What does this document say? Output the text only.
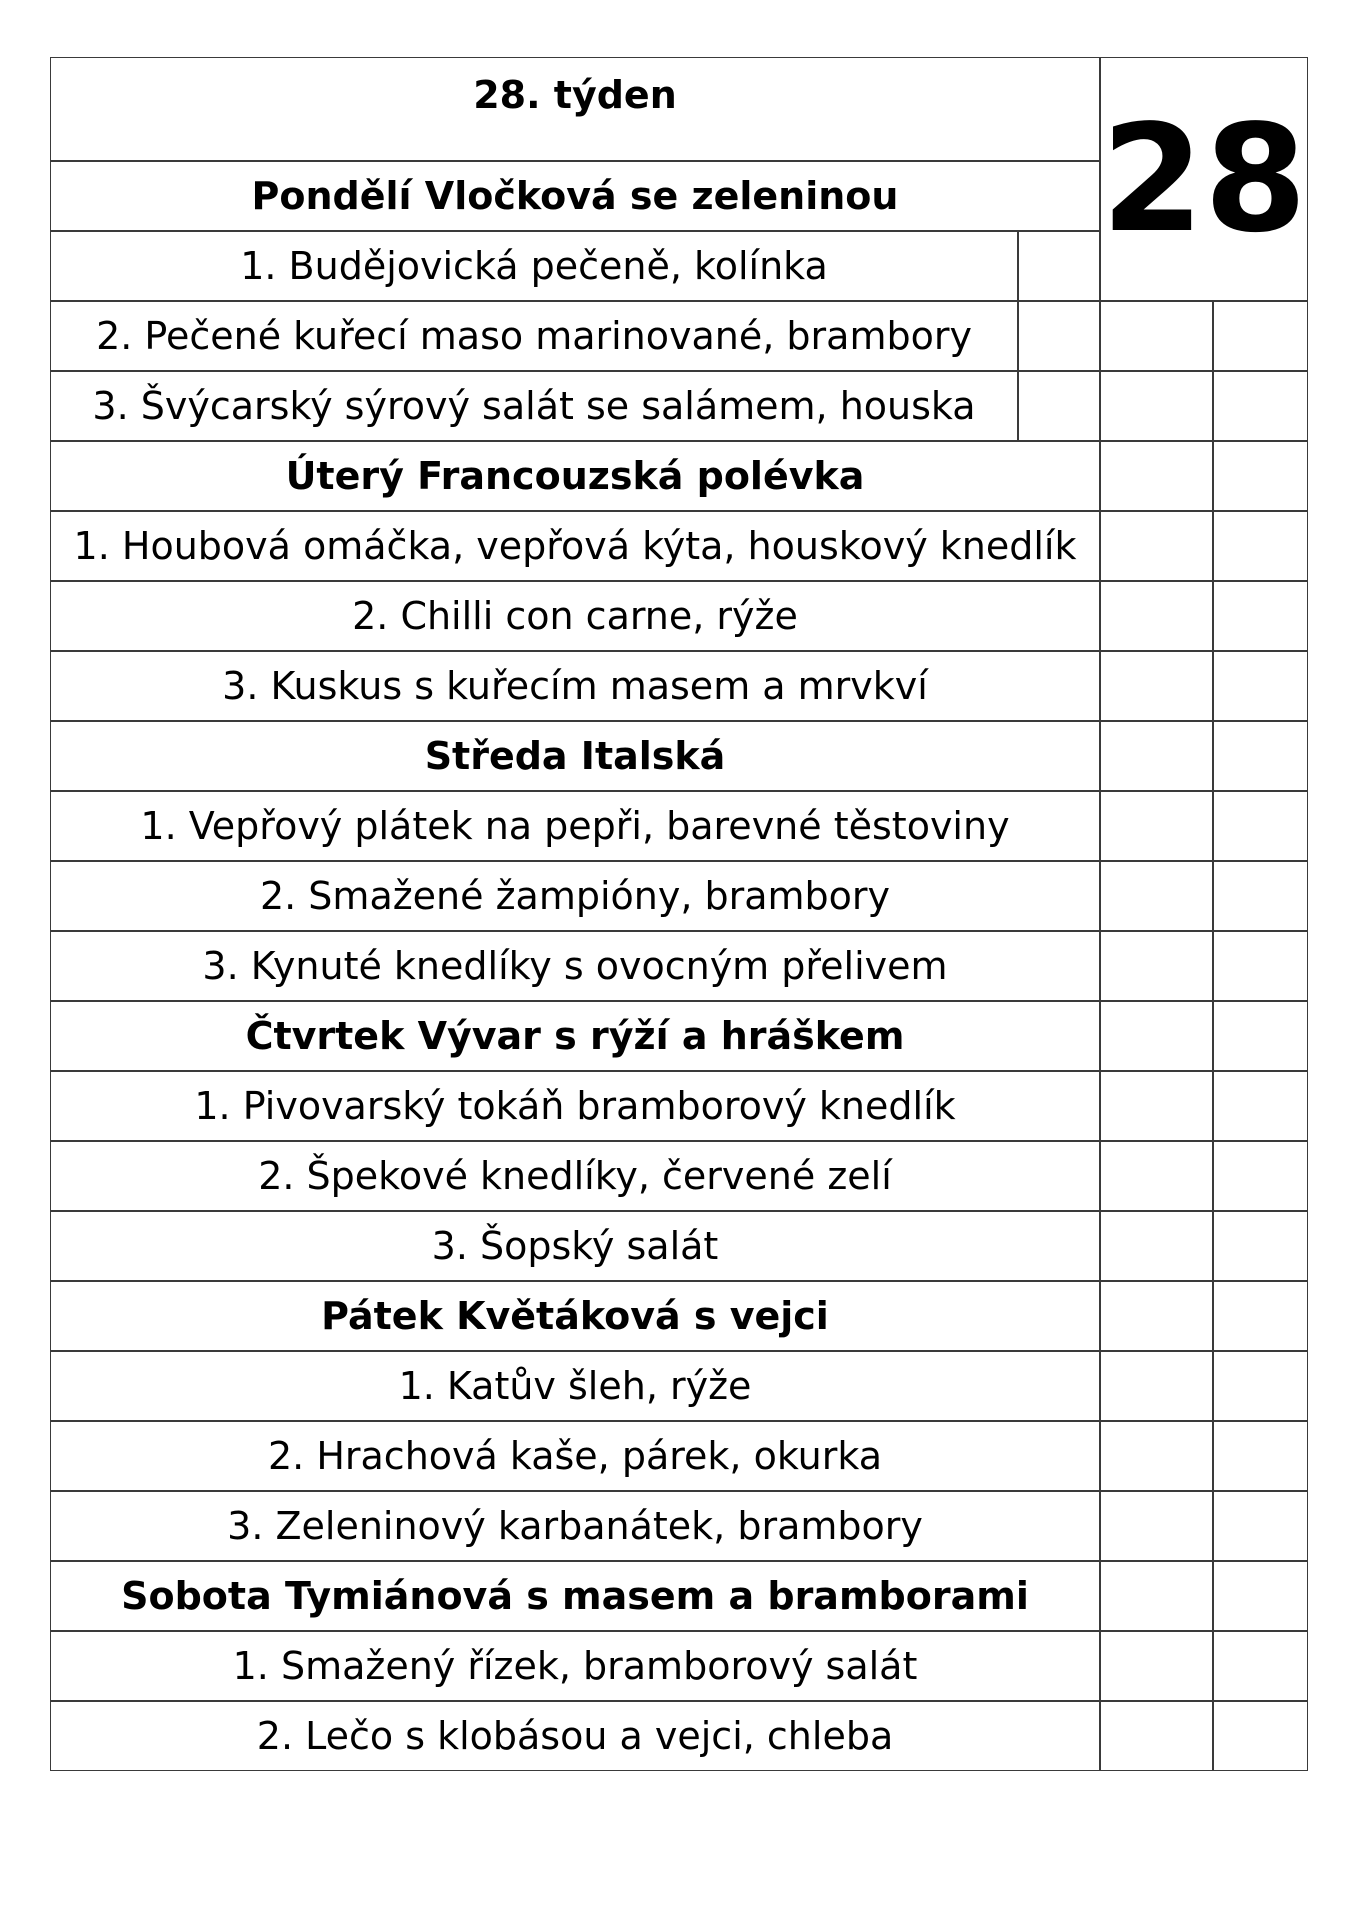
28. týden	28
Pondělí Vločková se zeleninou
1. Budějovická pečeně, kolínka
2. Pečené kuřecí maso marinované, brambory
3. Švýcarský sýrový salát se salámem, houska
Úterý Francouzská polévka
1. Houbová omáčka, vepřová kýta, houskový knedlík
2. Chilli con carne, rýže
3. Kuskus s kuřecím masem a mrvkví
Středa Italská
1. Vepřový plátek na pepři, barevné těstoviny
2. Smažené žampióny, brambory
3. Kynuté knedlíky s ovocným přelivem
Čtvrtek Vývar s rýží a hráškem
1. Pivovarský tokáň bramborový knedlík
2. Špekové knedlíky, červené zelí
3. Šopský salát
Pátek Květáková s vejci
1. Katův šleh, rýže
2. Hrachová kaše, párek, okurka
3. Zeleninový karbanátek, brambory
Sobota Tymiánová s masem a bramborami
1. Smažený řízek, bramborový salát
2. Lečo s klobásou a vejci, chleba
